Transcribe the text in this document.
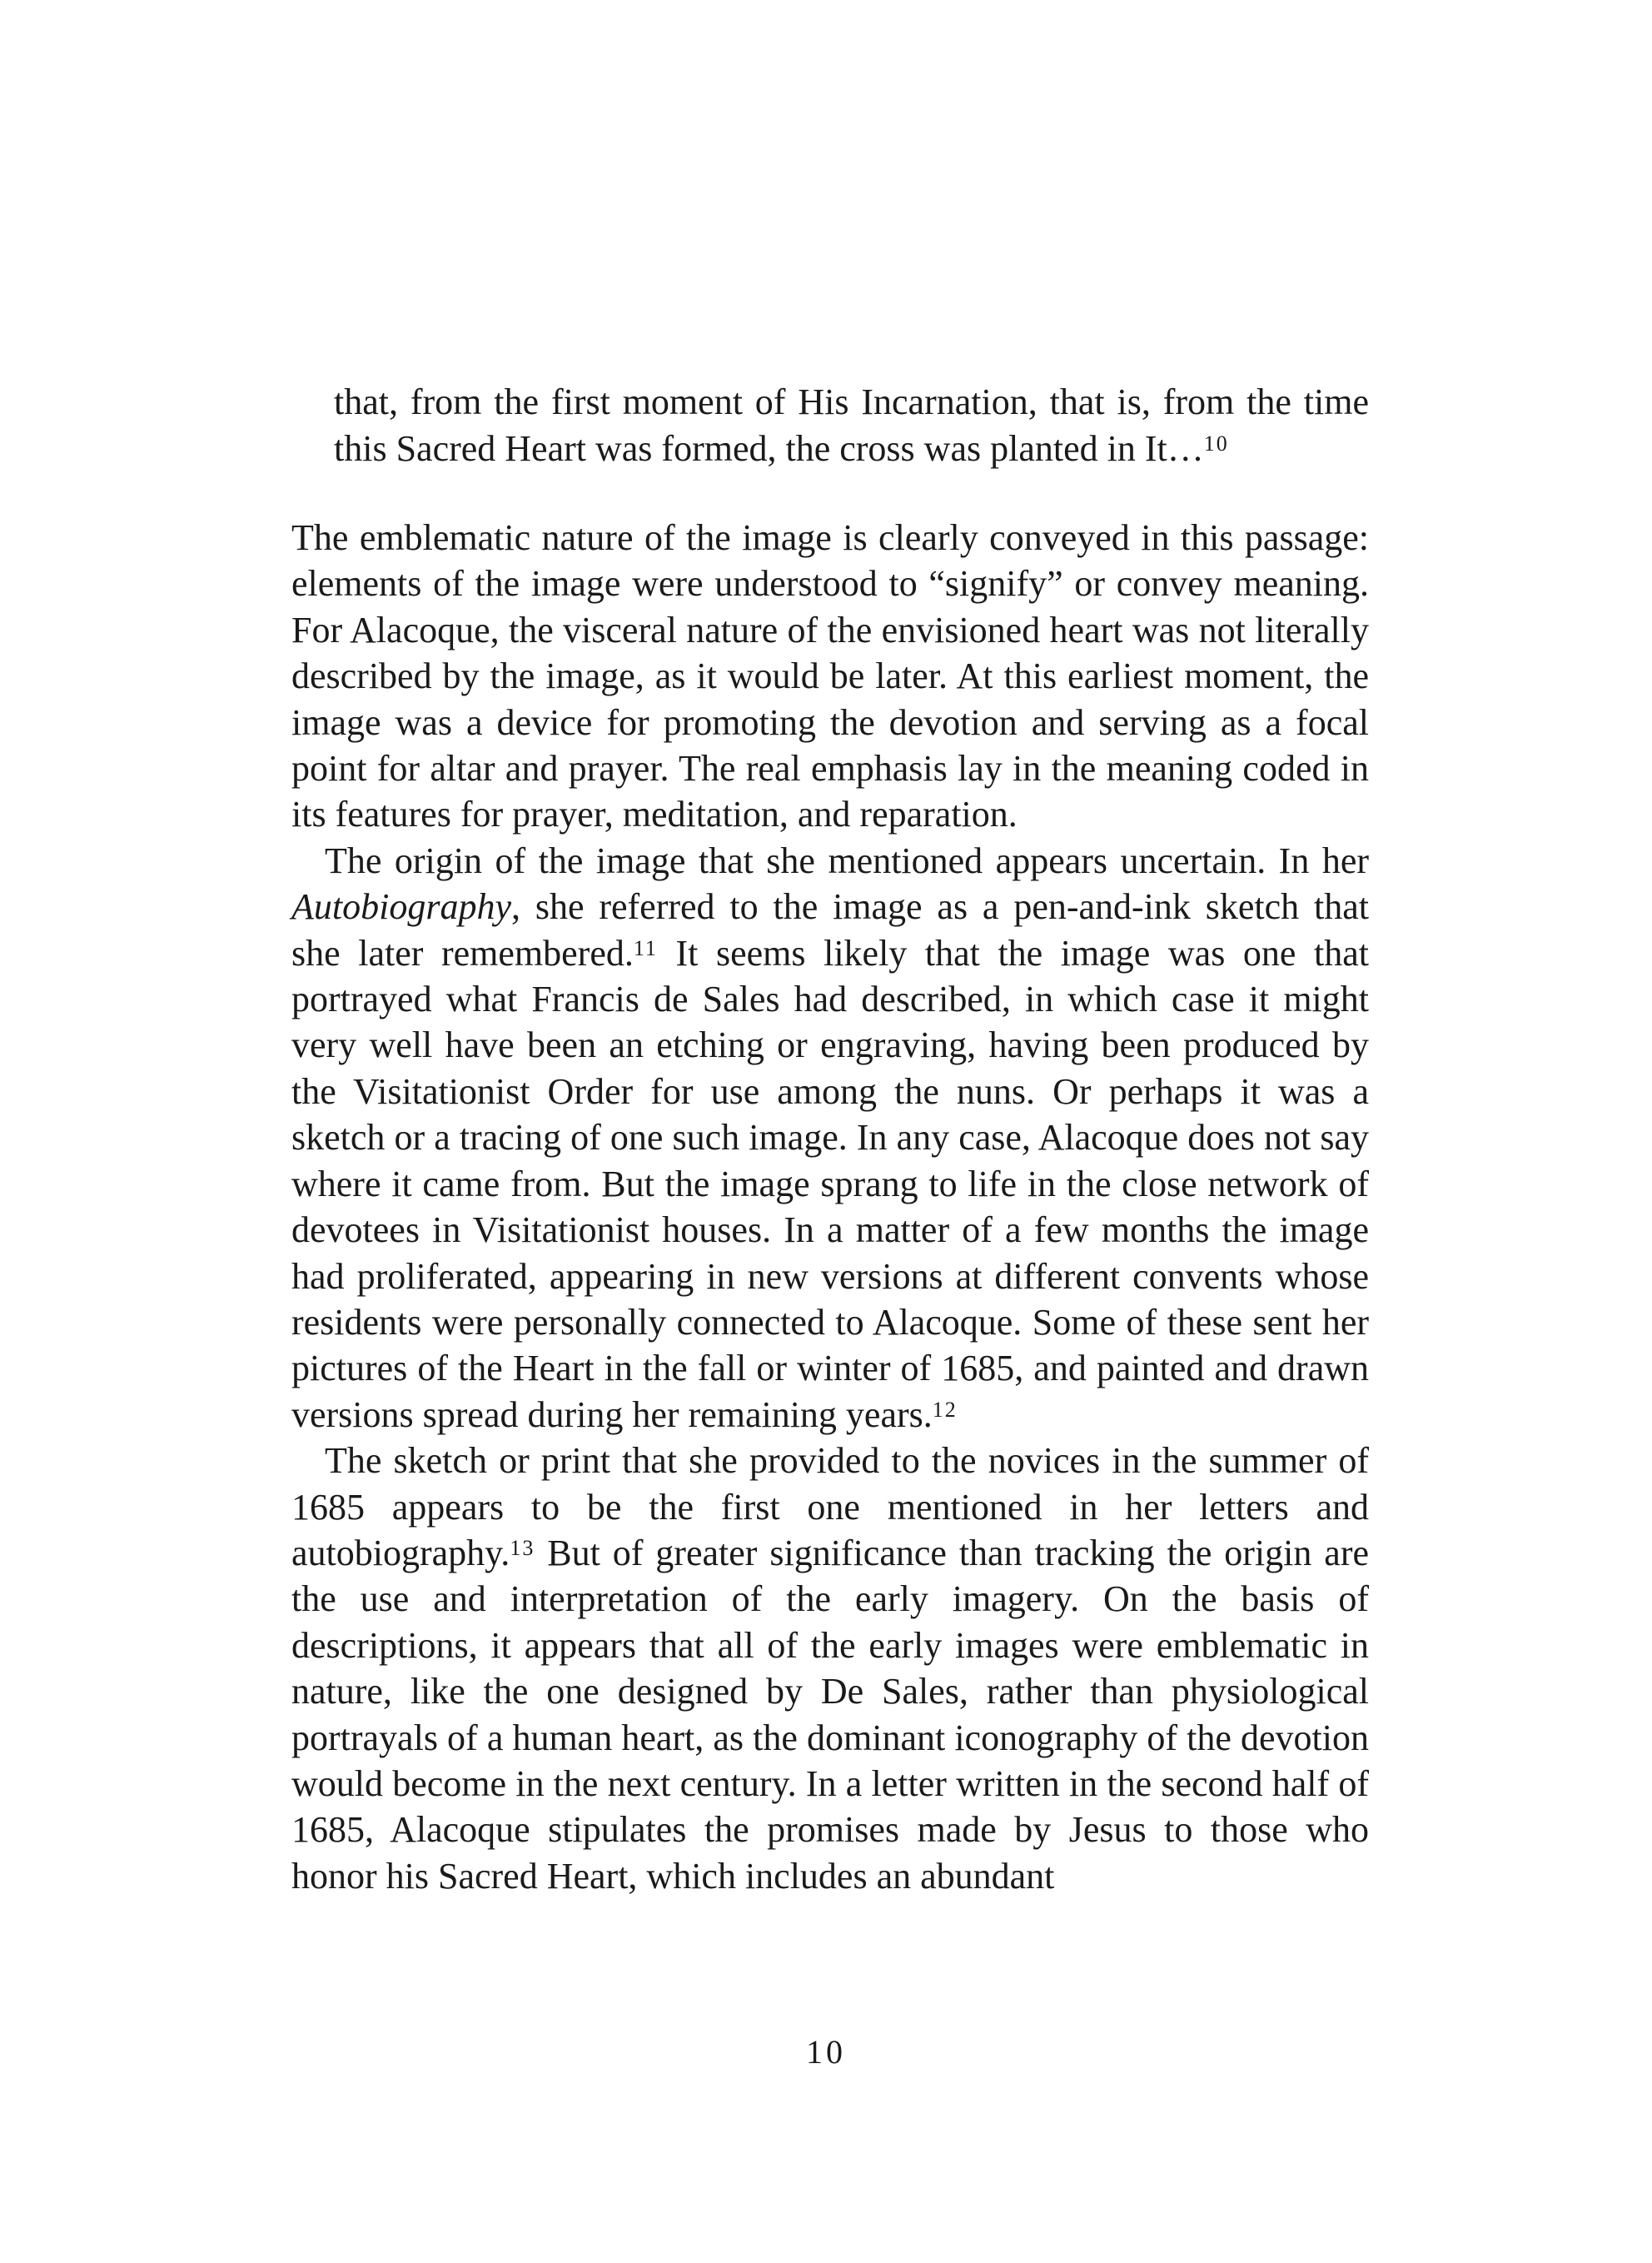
that, from the first moment of His Incarnation, that is, from the time this Sacred Heart was formed, the cross was planted in It…$^{10}$

The emblematic nature of the image is clearly conveyed in this passage: elements of the image were understood to “signify” or convey meaning. For Alacoque, the visceral nature of the envisioned heart was not literally described by the image, as it would be later. At this earliest moment, the image was a device for promoting the devotion and serving as a focal point for altar and prayer. The real emphasis lay in the meaning coded in its features for prayer, meditation, and reparation.

The origin of the image that she mentioned appears uncertain. In her Autobiography, she referred to the image as a pen-and-ink sketch that she later remembered.$^{11}$ It seems likely that the image was one that portrayed what Francis de Sales had described, in which case it might very well have been an etching or engraving, having been produced by the Visitationist Order for use among the nuns. Or perhaps it was a sketch or a tracing of one such image. In any case, Alacoque does not say where it came from. But the image sprang to life in the close network of devotees in Visitationist houses. In a matter of a few months the image had proliferated, appearing in new versions at different convents whose residents were personally connected to Alacoque. Some of these sent her pictures of the Heart in the fall or winter of 1685, and painted and drawn versions spread during her remaining years.$^{12}$

The sketch or print that she provided to the novices in the summer of 1685 appears to be the first one mentioned in her letters and autobiography.$^{13}$ But of greater significance than tracking the origin are the use and interpretation of the early imagery. On the basis of descriptions, it appears that all of the early images were emblematic in nature, like the one designed by De Sales, rather than physiological portrayals of a human heart, as the dominant iconography of the devotion would become in the next century. In a letter written in the second half of 1685, Alacoque stipulates the promises made by Jesus to those who honor his Sacred Heart, which includes an abundant

10
